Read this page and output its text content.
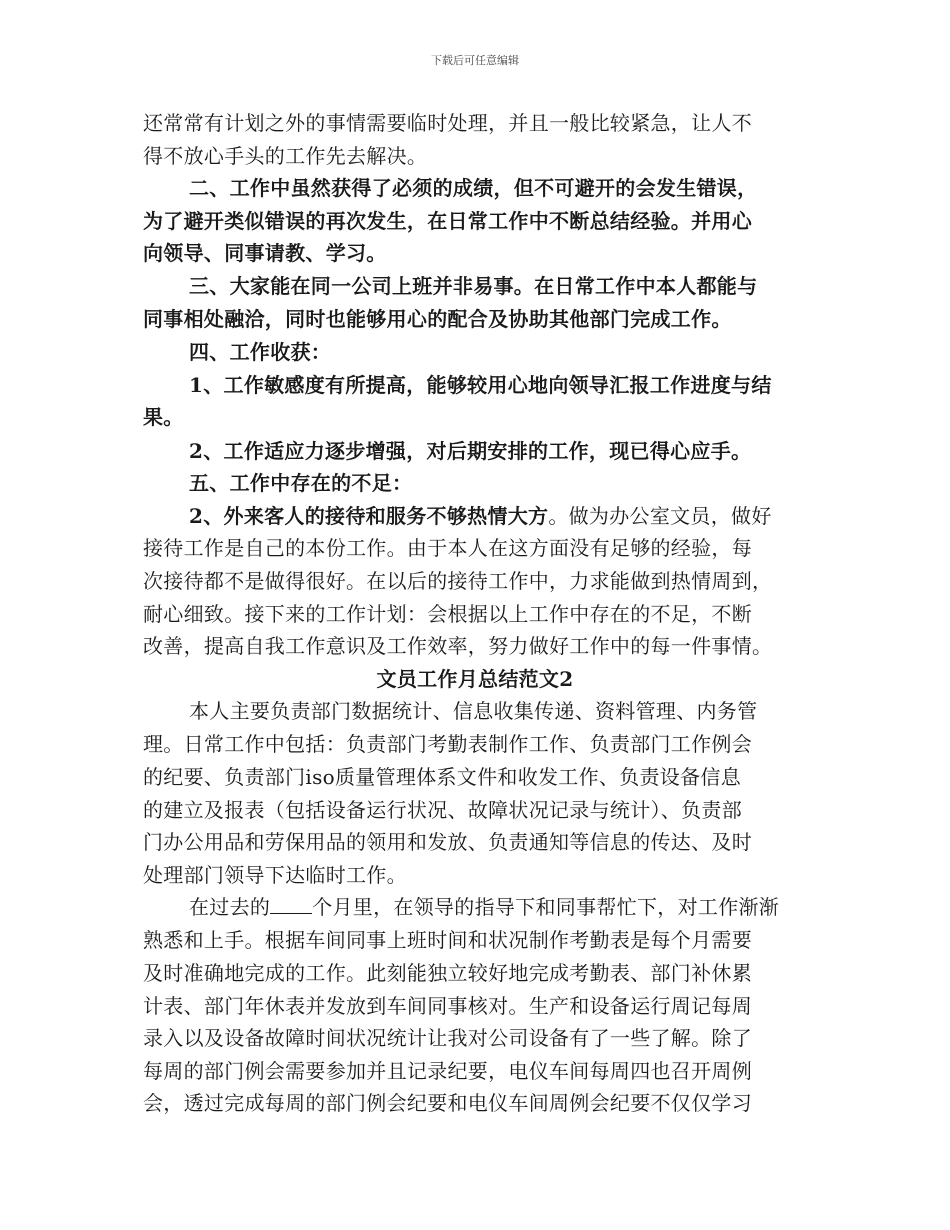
下载后可任意编辑
还常常有计划之外的事情需要临时处理，并且一般比较紧急，让人不
得不放心手头的工作先去解决。
二、工作中虽然获得了必须的成绩，但不可避开的会发生错误，
为了避开类似错误的再次发生，在日常工作中不断总结经验。并用心
向领导、同事请教、学习。
三、大家能在同一公司上班并非易事。在日常工作中本人都能与
同事相处融洽，同时也能够用心的配合及协助其他部门完成工作。
四、工作收获：
1、工作敏感度有所提高，能够较用心地向领导汇报工作进度与结
果。
2、工作适应力逐步增强，对后期安排的工作，现已得心应手。
五、工作中存在的不足：
2、外来客人的接待和服务不够热情大方。做为办公室文员，做好
接待工作是自己的本份工作。由于本人在这方面没有足够的经验，每
次接待都不是做得很好。在以后的接待工作中，力求能做到热情周到，
耐心细致。接下来的工作计划：会根据以上工作中存在的不足，不断
改善，提高自我工作意识及工作效率，努力做好工作中的每一件事情。
文员工作月总结范文2
本人主要负责部门数据统计、信息收集传递、资料管理、内务管
理。日常工作中包括：负责部门考勤表制作工作、负责部门工作例会
的纪要、负责部门iso质量管理体系文件和收发工作、负责设备信息
的建立及报表（包括设备运行状况、故障状况记录与统计）、负责部
门办公用品和劳保用品的领用和发放、负责通知等信息的传达、及时
处理部门领导下达临时工作。
在过去的 个月里，在领导的指导下和同事帮忙下，对工作渐渐
熟悉和上手。根据车间同事上班时间和状况制作考勤表是每个月需要
及时准确地完成的工作。此刻能独立较好地完成考勤表、部门补休累
计表、部门年休表并发放到车间同事核对。生产和设备运行周记每周
录入以及设备故障时间状况统计让我对公司设备有了一些了解。除了
每周的部门例会需要参加并且记录纪要，电仪车间每周四也召开周例
会，透过完成每周的部门例会纪要和电仪车间周例会纪要不仅仅学习
